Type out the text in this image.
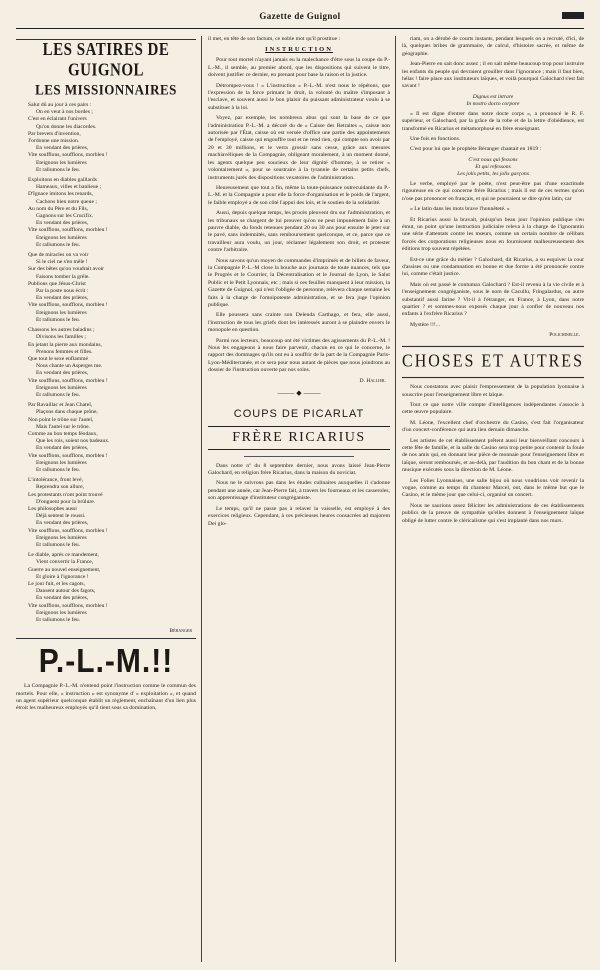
Gazette de Guignol
LES SATIRES DE GUIGNOL
LES MISSIONNAIRES
Salut dû au jour à ces pairs :
On en veut à nos bordes ;
C'est en éclairant l'univers
Qu'on donne les diacordes.
Par brevets d'invention,
J'ordonne une mission.
En vendant des prières,
Vite soufflons, soufflons, morbleu !
Eteignons les lumières
Et rallumons le feu.
Exploitons en diables gaillards
Hameaux, villes et banlieue ;
D'Ignace imitons les renards,
Cachons bien notre queue ;
Au nom du Père et du Fils,
Gagnons sur les Crucifix.
En vendant des prières,
Vite soufflons, soufflons, morbleu !
Eteignons les lumières
Et rallumons le feu.
Que de miracles on va voir
Si le ciel ne s'en mêle !
Sur des bêtes qu'on voudrait avoir
Faisons tomber la grêle.
Publions que Jésus-Christ
Par la poste nous écrit :
En vendant des prières,
Vite soufflons, soufflons, morbleu !
Eteignons les lumières
Et rallumons le feu.
Chassons les autres baladins ;
Divisons les familles ;
En jetant la pierre aux mondains,
Prenons femmes et filles.
Que tout le sexe enflammé
Nous chante un Asperges me.
En vendant des prières,
Vite soufflons, soufflons, morbleu !
Eteignons les lumières
Et rallumons le feu.
Par Ravaillac et Jean Chatel,
Plaçons dans chaque prône,
Non point le trône sur l'autel,
Mais l'autel sur le trône.
Comme au bon temps féodaux,
Que les rois, soient nos badeaux.
En vendant des prières,
Vite soufflons, soufflons, morbleu !
Eteignons les lumières
Et rallumons le feu.
L'intolérance, front levé,
Reprendra son allure,
Les protestants n'ont point trouvé
D'onguent pour la brûlure.
Les philosophes aussi
Déjà sentent le roussi.
En vendant des prières,
Vite soufflons, soufflons, morbleu !
Eteignons les lumières
Et rallumons le feu.
Le diable, après ce mandement,
Vient convertir la France,
Guerre au nouvel enseignement,
Et gloire à l'ignorance !
Le jour fuit, et les cagots,
Dansent autour des fagots,
En vendant des prières,
Vite soufflons, soufflons, morbleu !
Eteignons les lumières
Et rallumons le feu.
Béranger
P.-L.-M.!!
La Compagnie P.-L.-M. n'entend point l'instruction comme le commun des mortels. Pour elle, « instruction » est synonyme d' « exploitation », et quand un agent supérieur quelconque établit un règlement, enchaînant d'un lien plus étroit les malheureux employés qu'il tient sous sa domination,
il met, en tête de son factum, ce noble mot qu'il prostitue :
INSTRUCTION

Pour tout mortel n'ayant jamais eu la malechance d'être sous la coupe du P.-L.-M., il semble, au premier abord, que les dispositions qui suivent le titre, doivent justifier ce dernier, en prenant pour base la raison et la justice.

Détrompez-vous ! « L'instruction » P.-L.-M. n'est nous le répétons, que l'expression de la force primant le droit, la volonté du maître s'imposant à l'esclave, et souvent aussi le bon plaisir du puissant administrateur voulu à se substituer à la loi.

Voyez, par exemple, les nombreux abus qui sont la base de ce que l'administration P.-L.-M. a décoré du de « Caisse des Retraites », caisse non autorisée par l'État, caisse où est versée d'office une partie des appointements de l'employé, caisse qui engouffre tout et ne rend rien, qui compte son avoir par 20 et 30 millions, et le verra grossir sans cesse, grâce aux mesures machiavéliques de la Compagnie, obligeant moralement, à un moment donné, les agents quelque peu soucieux de leur dignité d'homme, à se retirer « volontairement », pour se soustraire à la tyrannie de certains petits chefs, instruments jurés des dispositions vexatoires de l'administration.

Heureusement que tout a fin, même la toute-puissance outrecuidante du P.-L.-M. et la Compagnie a pour elle la force d'organisation et le poids de l'argent, le faible employé a de son côté l'appui des lois, et le soutien de la solidarité.

Aussi, depuis quelque temps, les procès pleuvent dru sur l'administration, et les tribunaux se chargent de lui prouver qu'on ne peut impunément faire à un pauvre diable, du fonds retenues pendant 20 ou 30 ans pour ensuite le jeter sur le pavé, sans indemnités, sans remboursement quelconque, et ce, parce que ce travailleur aura voulu, un jour, réclamer légalement son droit, et protester contre l'arbitraire.

Nous savons qu'un moyen de commandes d'imprimés et de billets de faveur, la Compagnie P.-L.-M close la bouche aux journaux de toute nuances, tels que le Progrès et le Courrier, la Décentralisation et le Journal de Lyon, le Salut Public et le Petit Lyonnais, etc ; mais si ces feuilles manquent à leur mission, la Gazette de Guignol, qui n'est l'obligée de personne, relèvera chaque semaine les faits à la charge de l'omnipotente administration, et se fera juge l'opinion publique.

Elle poussera sans crainte son Delenda Carthago, et fera, elle aussi, l'instruction de tous les griefs dont les intéressés auront à se plaindre envers le monopole en question.

Parmi nos lecteurs, beaucoup ont été victimes des agissements du P.-L.-M. ! Nous les engageons à nous faire parvenir, chacun en ce qui le concerne, le rapport des dommages qu'ils ont eu à souffrir de la part de la Compagnie Paris-Lyon-Méditerranée, et ce sera pour nous autant de pièces que nous joindrons au dossier de l'instruction ouverte par nos soins.

D. Hallier.
⸻ ◆ ⸻
COUPS DE PICARLAT
FRÈRE RICARIUS

Dans notre nº du 8 septembre dernier, nous avons laissé Jean-Pierre Galochard, en religion frère Ricarius, dans la maison du noviciat.

Nous ne le suivrons pas dans les études culinaires auxquelles il s'adonne pendant une année, car Jean-Pierre fait, à travers les fourneaux et les casseroles, son apprentissage d'instituteur congréganiste.

Le temps, qu'il ne passe pas à relaver la vaisselle, est employé à des exercices religieux. Cependant, à ces précieuses heures consacrées ad majorem Dei glo-

riam, on a dérobé de courts instants, pendant lesquels on a recruté, d'ici, de là, quelques bribes de grammaire, de calcul, d'histoire sacrée, et même de géographie.

Jean-Pierre en sait donc assez ; il en sait même beaucoup trop pour instruire les enfants du peuple qui devraient grouiller dans l'ignorance ; mais il faut bien, hélas ! faire place aux instituteurs laïques, et voilà pourquoi Galochard s'est fait savant !

Dignus est intrare
In nostro docto corpore

« Il est digne d'entrer dans notre docte corps », a prononcé le R. F. supérieur, et Galochard, par la grâce de la robe et de la lettre d'obédience, est transformé en Ricarius et métamorphosé en frère enseignant.

Une fois en fonctions.

C'est pour lui que le prophète Béranger chantait en 1819 :

C'est nous qui fessons
Et qui refessons
Les jolis petits, les jolis garçons

Le verbe, employé par le poète, n'est peut-être pas d'une exactitude rigoureuse en ce qui concerne frère Ricarius ; mais il est de ces termes qu'on n'ose pas prononcer en français, et qui ne pourraient se dire qu'en latin, car

« Le latin dans les mots brave l'honnêteté. »

Et Ricarius aussi la bravait, puisqu'un beau jour l'opinion publique s'en émut, un point qu'une instruction judiciaire releva à la charge de l'ignorantin une série d'attentats contre les mœurs, comme un certain nombre de célibats forcés des corporations religieuses nous en fournissent malheureusement des éditions trop souvent répétées.

Est-ce une grâce du métier ? Galochard, dit Ricarius, a su esquiver la cour d'assises ou une condamnation en bonne et due forme a été prononcée contre lui, comme c'était justice.

Mais où est passé le contumax Galochard ? Est-il revenu à la vie civile et à l'enseignement congréganiste, sous le nom de Cacullu, Fringalardus, ou autre substantif aussi farine ? Vit-il à l'étranger, en France, à Lyon, dans notre quartier ? et sommes-nous exposés chaque jour à confier de nouveau nos enfants à l'exfrère Ricarius ?

Mystère !!!...

Polichinelle.
CHOSES ET AUTRES

Nous constatons avec plaisir l'empressement de la population lyonnaise à souscrire pour l'enseignement libre et laïque.

Tout ce que notre ville compte d'intelligences indépendantes s'associe à cette œuvre populaire.

M. Léone, l'excellent chef d'orchestre du Casino, s'est fait l'organisateur d'un concert-conférence qui aura lieu demain dimanche.

Les artistes de cet établissement prêtent aussi leur bienveillant concours à cette fête de famille, et la salle du Casino sera trop petite pour contenir la foule de nos amis qui, en donnant leur pièce de monnaie pour l'enseignement libre et laïque, seront remboursés, et au-delà, par l'audition du bon chant et de la bonne musique exécutés sous la direction de M. Léone.

Les Folies Lyonnaises, une salle bijou où nous voudrions voir revenir la vogue, comme au temps du chanteur Marcel, ont, dans le même but que le Casino, et le même jour que celui-ci, organisé un concert.

Nous ne saurions assez féliciter les administrations de ces établissements publics de la preuve de sympathie qu'elles donnent à l'enseignement laïque obligé de lutter contre le cléricalisme qui s'est implanté dans nos murs.
